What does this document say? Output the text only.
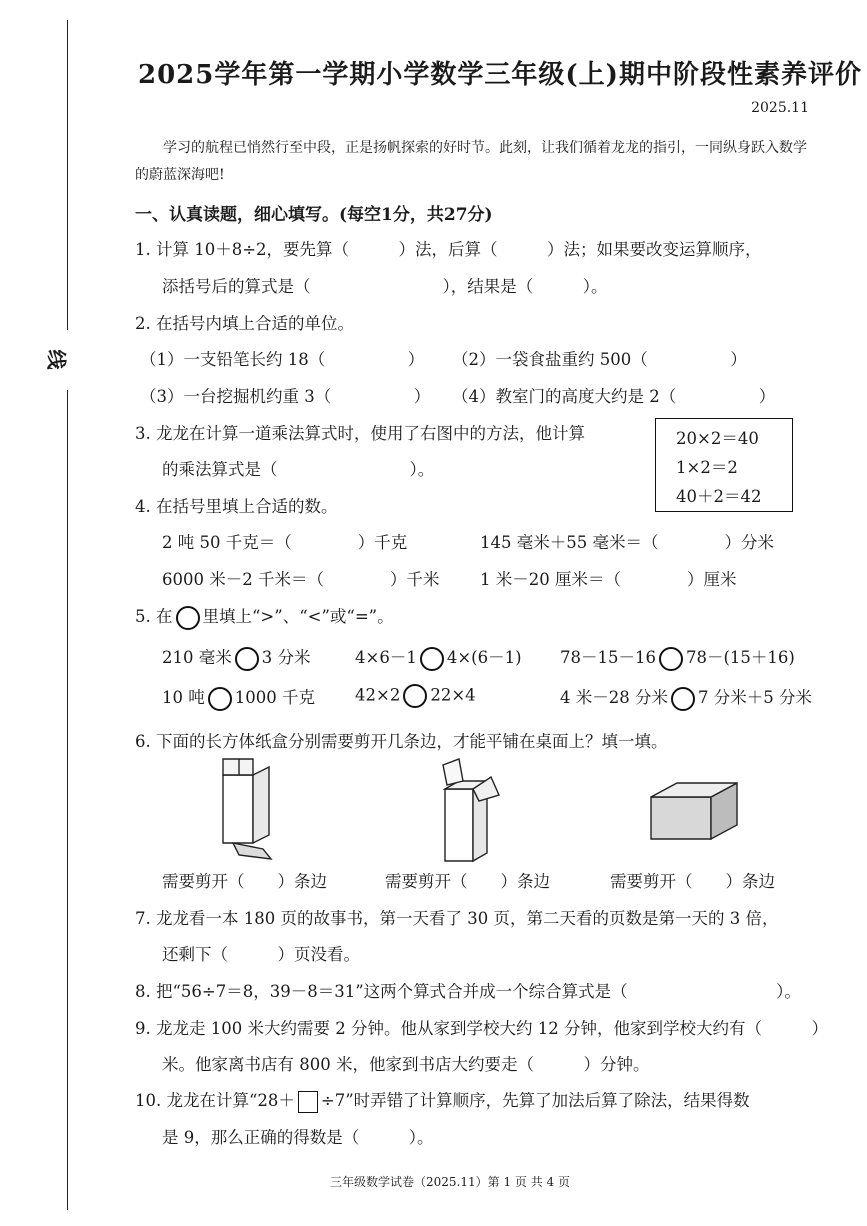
线
2025学年第一学期小学数学三年级(上)期中阶段性素养评价
2025.11
学习的航程已悄然行至中段，正是扬帆探索的好时节。此刻，让我们循着龙龙的指引，一同纵身跃入数学的蔚蓝深海吧!
一、认真读题，细心填写。(每空1分，共27分)
1. 计算 10＋8÷2，要先算（　　　）法，后算（　　　）法；如果要改变运算顺序，
添括号后的算式是（　　　　　　　　），结果是（　　　）。
2. 在括号内填上合适的单位。
（1）一支铅笔长约 18（　　　　　） （2）一袋食盐重约 500（　　　　　）
（3）一台挖掘机约重 3（　　　　　） （4）教室门的高度大约是 2（　　　　　）
3. 龙龙在计算一道乘法算式时，使用了右图中的方法，他计算
的乘法算式是（　　　　　　　　）。
20×2＝40
1×2＝2
40＋2＝42
4. 在括号里填上合适的数。
2 吨 50 千克＝（　　　　）千克	145 毫米＋55 毫米＝（　　　　）分米
6000 米－2 千米＝（　　　　）千米 1 米－20 厘米＝（　　　　）厘米
5. 在 里填上“>”、“<”或“=”。
210 毫米 3 分米	4×6－1 4×(6－1) 78－15－16 78－(15＋16)
10 吨 1000 千克 42×2 22×4	4 米－28 分米 7 分米＋5 分米
6. 下面的长方体纸盒分别需要剪开几条边，才能平铺在桌面上？填一填。
需要剪开（　　）条边	需要剪开（　　）条边	需要剪开（　　）条边
7. 龙龙看一本 180 页的故事书，第一天看了 30 页，第二天看的页数是第一天的 3 倍，
还剩下（　　　）页没看。
8. 把“56÷7＝8，39－8＝31”这两个算式合并成一个综合算式是（　　　　　　　　　）。
9. 龙龙走 100 米大约需要 2 分钟。他从家到学校大约 12 分钟，他家到学校大约有（　　　）
米。他家离书店有 800 米，他家到书店大约要走（　　　）分钟。
10. 龙龙在计算“28＋ ÷7”时弄错了计算顺序，先算了加法后算了除法，结果得数
是 9，那么正确的得数是（　　　）。
三年级数学试卷（2025.11）第 1 页 共 4 页
